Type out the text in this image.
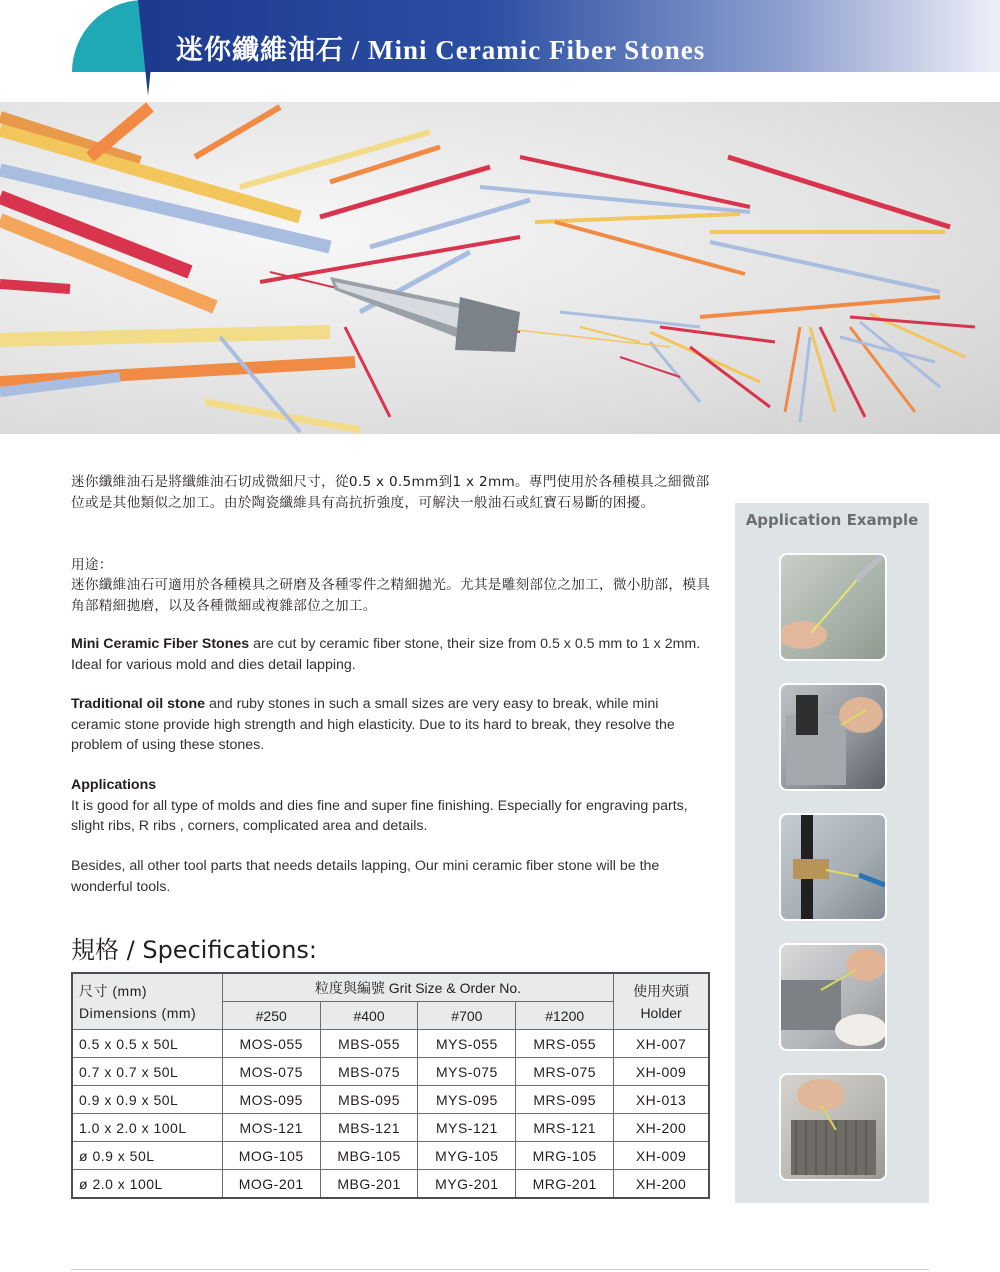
迷你纖維油石 / Mini Ceramic Fiber Stones
迷你纖維油石是將纖維油石切成微細尺寸，從0.5 x 0.5mm到1 x 2mm。專門使用於各種模具之細微部位或是其他類似之加工。由於陶瓷纖維具有高抗折強度，可解決一般油石或紅寶石易斷的困擾。
用途：
迷你纖維油石可適用於各種模具之研磨及各種零件之精細拋光。尤其是雕刻部位之加工，微小肋部，模具角部精細拋磨，以及各種微細或複雜部位之加工。
Mini Ceramic Fiber Stones are cut by ceramic fiber stone, their size from 0.5 x 0.5 mm to 1 x 2mm. Ideal for various mold and dies detail lapping.
Traditional oil stone and ruby stones in such a small sizes are very easy to break, while mini ceramic stone provide high strength and high elasticity. Due to its hard to break, they resolve the problem of using these stones.
Applications
It is good for all type of molds and dies fine and super fine finishing. Especially for engraving parts, slight ribs, R ribs , corners, complicated area and details.
Besides, all other tool parts that needs details lapping, Our mini ceramic fiber stone will be the wonderful tools.
規格 / Specifications:
尺寸 (mm)
Dimensions (mm)	粒度與編號 Grit Size & Order No.				使用夾頭
Holder
	#250	#400	#700	#1200	
0.5 x 0.5 x 50L	MOS-055	MBS-055	MYS-055	MRS-055	XH-007
0.7 x 0.7 x 50L	MOS-075	MBS-075	MYS-075	MRS-075	XH-009
0.9 x 0.9 x 50L	MOS-095	MBS-095	MYS-095	MRS-095	XH-013
1.0 x 2.0 x 100L	MOS-121	MBS-121	MYS-121	MRS-121	XH-200
ø 0.9 x 50L	MOG-105	MBG-105	MYG-105	MRG-105	XH-009
ø 2.0 x 100L	MOG-201	MBG-201	MYG-201	MRG-201	XH-200
Application Example
